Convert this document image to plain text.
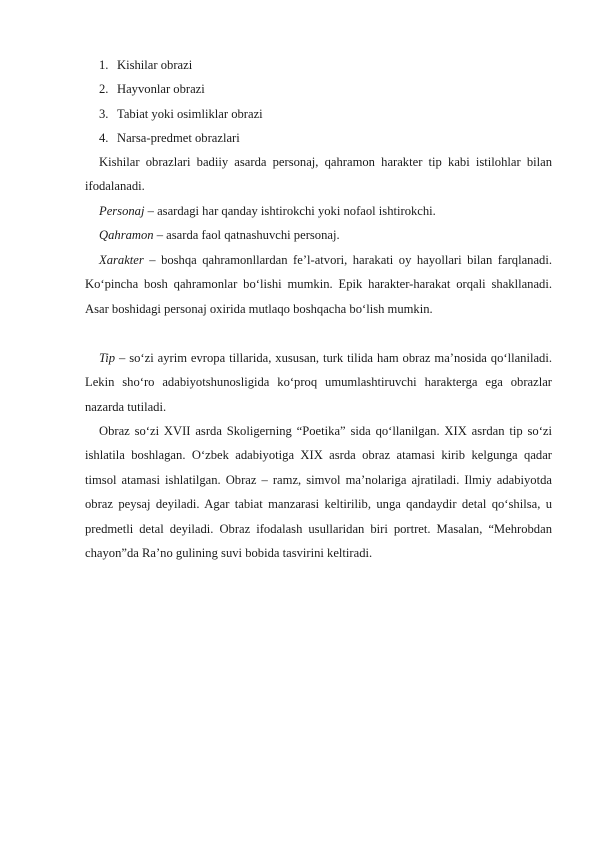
1. Kishilar obrazi
2. Hayvonlar obrazi
3. Tabiat yoki osimliklar obrazi
4. Narsa-predmet obrazlari

Kishilar obrazlari badiiy asarda personaj, qahramon harakter tip kabi istilohlar bilan ifodalanadi.

Personaj – asardagi har qanday ishtirokchi yoki nofaol ishtirokchi.

Qahramon – asarda faol qatnashuvchi personaj.

Xarakter – boshqa qahramonllardan fe’l-atvori, harakati oy hayollari bilan farqlanadi. Ko‘pincha bosh qahramonlar bo‘lishi mumkin. Epik harakter-harakat orqali shakllanadi. Asar boshidagi personaj oxirida mutlaqo boshqacha bo‘lish mumkin.

Tip – so‘zi ayrim evropa tillarida, xususan, turk tilida ham obraz ma’nosida qo‘llaniladi. Lekin sho‘ro adabiyotshunosligida ko‘proq umumlashtiruvchi harakterga ega obrazlar nazarda tutiladi.

Obraz so‘zi XVII asrda Skoligerning “Poetika” sida qo‘llanilgan. XIX asrdan tip so‘zi ishlatila boshlagan. O‘zbek adabiyotiga XIX asrda obraz atamasi kirib kelgunga qadar timsol atamasi ishlatilgan. Obraz – ramz, simvol ma’nolariga ajratiladi. Ilmiy adabiyotda obraz peysaj deyiladi. Agar tabiat manzarasi keltirilib, unga qandaydir detal qo‘shilsa, u predmetli detal deyiladi. Obraz ifodalash usullaridan biri portret. Masalan, “Mehrobdan chayon”da Ra’no gulining suvi bobida tasvirini keltiradi.
